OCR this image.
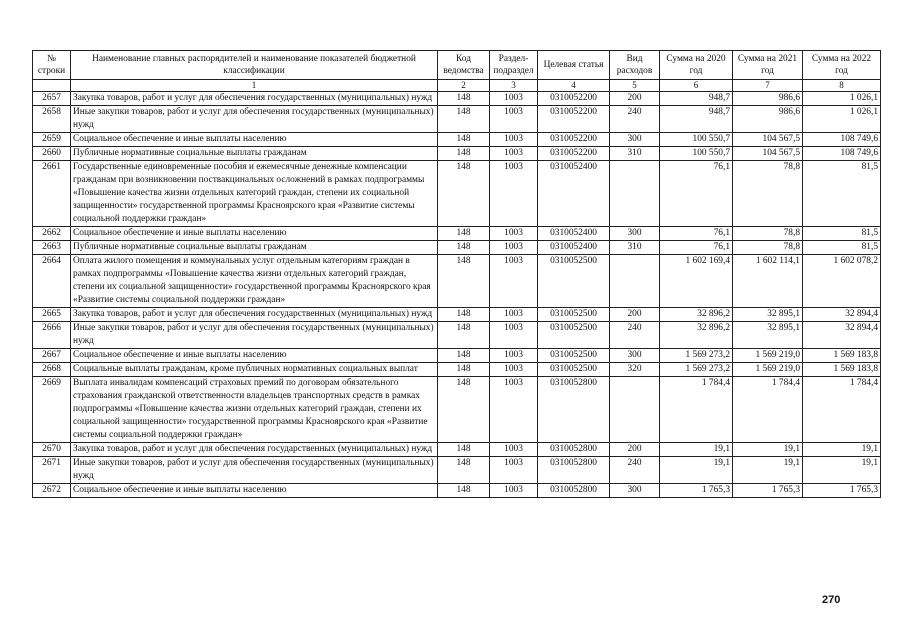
№ строки	Наименование главных распорядителей и наименование показателей бюджетной классификации	Код ведомства	Раздел-подраздел	Целевая статья	Вид расходов	Сумма на 2020 год	Сумма на 2021 год	Сумма на 2022 год
	1	2	3	4	5	6	7	8
2657	Закупка товаров, работ и услуг для обеспечения государственных (муниципальных) нужд	148	1003	0310052200	200	948,7	986,6	1 026,1
2658	Иные закупки товаров, работ и услуг для обеспечения государственных (муниципальных) нужд	148	1003	0310052200	240	948,7	986,6	1 026,1
2659	Социальное обеспечение и иные выплаты населению	148	1003	0310052200	300	100 550,7	104 567,5	108 749,6
2660	Публичные нормативные социальные выплаты гражданам	148	1003	0310052200	310	100 550,7	104 567,5	108 749,6
2661	Государственные единовременные пособия и ежемесячные денежные компенсации гражданам при возникновении поствакцинальных осложнений в рамках подпрограммы «Повышение качества жизни отдельных категорий граждан, степени их социальной защищенности» государственной программы Красноярского края «Развитие системы социальной поддержки граждан»	148	1003	0310052400		76,1	78,8	81,5
2662	Социальное обеспечение и иные выплаты населению	148	1003	0310052400	300	76,1	78,8	81,5
2663	Публичные нормативные социальные выплаты гражданам	148	1003	0310052400	310	76,1	78,8	81,5
2664	Оплата жилого помещения и коммунальных услуг отдельным категориям граждан в рамках подпрограммы «Повышение качества жизни отдельных категорий граждан, степени их социальной защищенности» государственной программы Красноярского края «Развитие системы социальной поддержки граждан»	148	1003	0310052500		1 602 169,4	1 602 114,1	1 602 078,2
2665	Закупка товаров, работ и услуг для обеспечения государственных (муниципальных) нужд	148	1003	0310052500	200	32 896,2	32 895,1	32 894,4
2666	Иные закупки товаров, работ и услуг для обеспечения государственных (муниципальных) нужд	148	1003	0310052500	240	32 896,2	32 895,1	32 894,4
2667	Социальное обеспечение и иные выплаты населению	148	1003	0310052500	300	1 569 273,2	1 569 219,0	1 569 183,8
2668	Социальные выплаты гражданам, кроме публичных нормативных социальных выплат	148	1003	0310052500	320	1 569 273,2	1 569 219,0	1 569 183,8
2669	Выплата инвалидам компенсаций страховых премий по договорам обязательного страхования гражданской ответственности владельцев транспортных средств в рамках подпрограммы «Повышение качества жизни отдельных категорий граждан, степени их социальной защищенности» государственной программы Красноярского края «Развитие системы социальной поддержки граждан»	148	1003	0310052800		1 784,4	1 784,4	1 784,4
2670	Закупка товаров, работ и услуг для обеспечения государственных (муниципальных) нужд	148	1003	0310052800	200	19,1	19,1	19,1
2671	Иные закупки товаров, работ и услуг для обеспечения государственных (муниципальных) нужд	148	1003	0310052800	240	19,1	19,1	19,1
2672	Социальное обеспечение и иные выплаты населению	148	1003	0310052800	300	1 765,3	1 765,3	1 765,3
270
